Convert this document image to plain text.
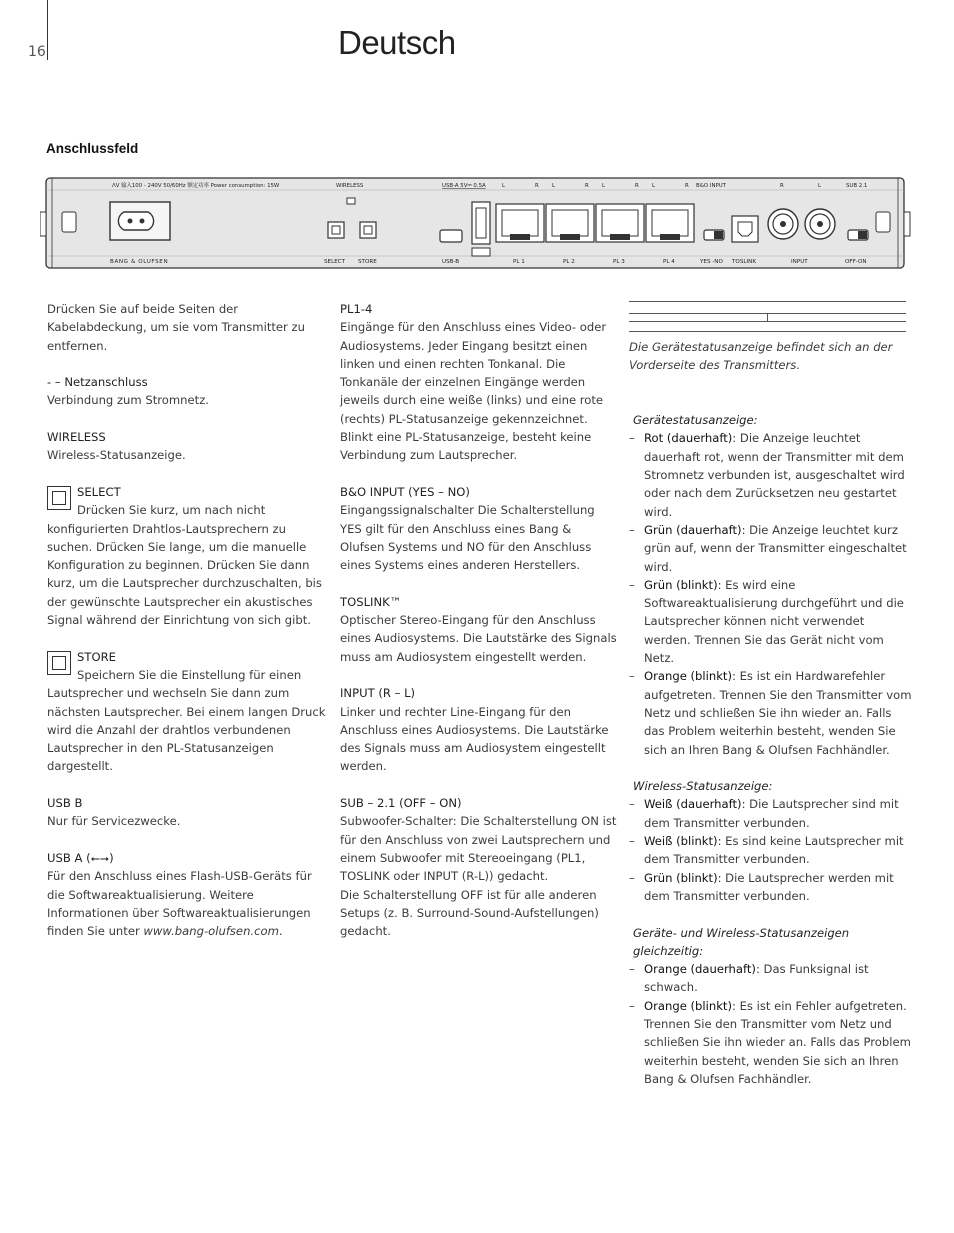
16	Deutsch
Anschlussfeld
ᐱᐯ 输入100 - 240V 50/60Hz 额定功率 Power consumption: 15W	WIRELESS	USB-A 5V⎓ 0.5A	L	R L	R L	R L	R B&O INPUT	R	L	SUB 2.1
BANG & OLUFSEN	SELECT STORE	USB-B	PL 1	PL 2	PL 3	PL 4	YES -NO TOSLINK	INPUT	OFF-ON

Drücken Sie auf beide Seiten der Kabelabdeckung, um sie vom Transmitter zu entfernen.

- – Netzanschluss
Verbindung zum Stromnetz.

WIRELESS
Wireless-Statusanzeige.

SELECT
Drücken Sie kurz, um nach nicht konfigurierten Drahtlos-Lautsprechern zu suchen. Drücken Sie lange, um die manuelle Konfiguration zu beginnen. Drücken Sie dann kurz, um die Lautsprecher durchzuschalten, bis der gewünschte Lautsprecher ein akustisches Signal während der Einrichtung von sich gibt.

STORE
Speichern Sie die Einstellung für einen Lautsprecher und wechseln Sie dann zum nächsten Lautsprecher. Bei einem langen Druck wird die Anzahl der drahtlos verbundenen Lautsprecher in den PL-Statusanzeigen dargestellt.

USB B
Nur für Servicezwecke.

USB A (⭠⭢)
Für den Anschluss eines Flash-USB-Geräts für die Softwareaktualisierung. Weitere Informationen über Softwareaktualisierungen finden Sie unter www.bang-olufsen.com.

PL1-4
Eingänge für den Anschluss eines Video- oder Audiosystems. Jeder Eingang besitzt einen linken und einen rechten Tonkanal. Die Tonkanäle der einzelnen Eingänge werden jeweils durch eine weiße (links) und eine rote (rechts) PL-Statusanzeige gekennzeichnet. Blinkt eine PL-Statusanzeige, besteht keine Verbindung zum Lautsprecher.

B&O INPUT (YES – NO)
Eingangssignalschalter Die Schalterstellung YES gilt für den Anschluss eines Bang & Olufsen Systems und NO für den Anschluss eines Systems eines anderen Herstellers.

TOSLINK™
Optischer Stereo-Eingang für den Anschluss eines Audiosystems. Die Lautstärke des Signals muss am Audiosystem eingestellt werden.

INPUT (R – L)
Linker und rechter Line-Eingang für den Anschluss eines Audiosystems. Die Lautstärke des Signals muss am Audiosystem eingestellt werden.

SUB – 2.1 (OFF – ON)
Subwoofer-Schalter: Die Schalterstellung ON ist für den Anschluss von zwei Lautsprechern und einem Subwoofer mit Stereoeingang (PL1, TOSLINK oder INPUT (R-L)) gedacht.
Die Schalterstellung OFF ist für alle anderen Setups (z. B. Surround-Sound-Aufstellungen) gedacht.

Die Gerätestatusanzeige befindet sich an der Vorderseite des Transmitters.

Gerätestatusanzeige:
– Rot (dauerhaft): Die Anzeige leuchtet dauerhaft rot, wenn der Transmitter mit dem Stromnetz verbunden ist, ausgeschaltet wird oder nach dem Zurücksetzen neu gestartet wird.
– Grün (dauerhaft): Die Anzeige leuchtet kurz grün auf, wenn der Transmitter eingeschaltet wird.
– Grün (blinkt): Es wird eine Softwareaktualisierung durchgeführt und die Lautsprecher können nicht verwendet werden. Trennen Sie das Gerät nicht vom Netz.
– Orange (blinkt): Es ist ein Hardwarefehler aufgetreten. Trennen Sie den Transmitter vom Netz und schließen Sie ihn wieder an. Falls das Problem weiterhin besteht, wenden Sie sich an Ihren Bang & Olufsen Fachhändler.
Wireless-Statusanzeige:
– Weiß (dauerhaft): Die Lautsprecher sind mit dem Transmitter verbunden.
– Weiß (blinkt): Es sind keine Lautsprecher mit dem Transmitter verbunden.
– Grün (blinkt): Die Lautsprecher werden mit dem Transmitter verbunden.
Geräte- und Wireless-Statusanzeigen gleichzeitig:
– Orange (dauerhaft): Das Funksignal ist schwach.
– Orange (blinkt): Es ist ein Fehler aufgetreten. Trennen Sie den Transmitter vom Netz und schließen Sie ihn wieder an. Falls das Problem weiterhin besteht, wenden Sie sich an Ihren Bang & Olufsen Fachhändler.
